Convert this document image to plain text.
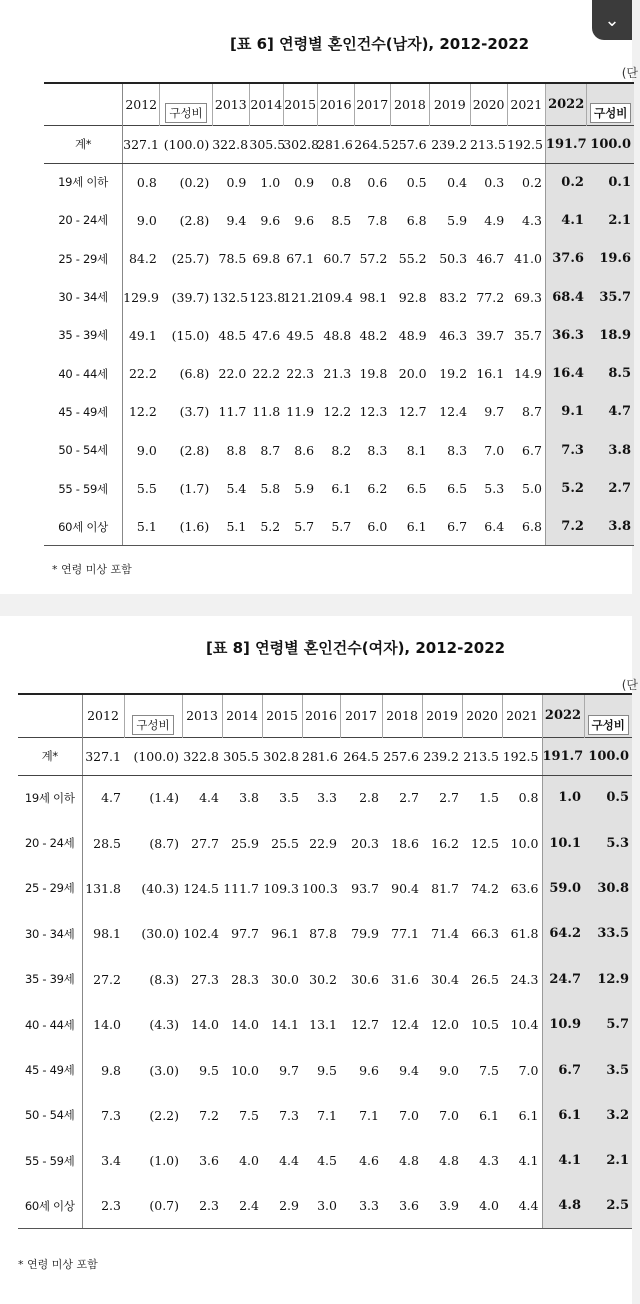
[표 6] 연령별 혼인건수(남자), 2012-2022
(단
⌄
	2012	구성비	2013	2014	2015	2016	2017	2018	2019	2020	2021	2022	구성비
계*	327.1	(100.0)	322.8	305.5	302.8	281.6	264.5	257.6	239.2	213.5	192.5	191.7	100.0
19세 이하	0.8	(0.2)	0.9	1.0	0.9	0.8	0.6	0.5	0.4	0.3	0.2	0.2	0.1
20 - 24세	9.0	(2.8)	9.4	9.6	9.6	8.5	7.8	6.8	5.9	4.9	4.3	4.1	2.1
25 - 29세	84.2	(25.7)	78.5	69.8	67.1	60.7	57.2	55.2	50.3	46.7	41.0	37.6	19.6
30 - 34세	129.9	(39.7)	132.5	123.8	121.2	109.4	98.1	92.8	83.2	77.2	69.3	68.4	35.7
35 - 39세	49.1	(15.0)	48.5	47.6	49.5	48.8	48.2	48.9	46.3	39.7	35.7	36.3	18.9
40 - 44세	22.2	(6.8)	22.0	22.2	22.3	21.3	19.8	20.0	19.2	16.1	14.9	16.4	8.5
45 - 49세	12.2	(3.7)	11.7	11.8	11.9	12.2	12.3	12.7	12.4	9.7	8.7	9.1	4.7
50 - 54세	9.0	(2.8)	8.8	8.7	8.6	8.2	8.3	8.1	8.3	7.0	6.7	7.3	3.8
55 - 59세	5.5	(1.7)	5.4	5.8	5.9	6.1	6.2	6.5	6.5	5.3	5.0	5.2	2.7
60세 이상	5.1	(1.6)	5.1	5.2	5.7	5.7	6.0	6.1	6.7	6.4	6.8	7.2	3.8
* 연령 미상 포함
[표 8] 연령별 혼인건수(여자), 2012-2022
(단
	2012	구성비	2013	2014	2015	2016	2017	2018	2019	2020	2021	2022	구성비
계*	327.1	(100.0)	322.8	305.5	302.8	281.6	264.5	257.6	239.2	213.5	192.5	191.7	100.0
19세 이하	4.7	(1.4)	4.4	3.8	3.5	3.3	2.8	2.7	2.7	1.5	0.8	1.0	0.5
20 - 24세	28.5	(8.7)	27.7	25.9	25.5	22.9	20.3	18.6	16.2	12.5	10.0	10.1	5.3
25 - 29세	131.8	(40.3)	124.5	111.7	109.3	100.3	93.7	90.4	81.7	74.2	63.6	59.0	30.8
30 - 34세	98.1	(30.0)	102.4	97.7	96.1	87.8	79.9	77.1	71.4	66.3	61.8	64.2	33.5
35 - 39세	27.2	(8.3)	27.3	28.3	30.0	30.2	30.6	31.6	30.4	26.5	24.3	24.7	12.9
40 - 44세	14.0	(4.3)	14.0	14.0	14.1	13.1	12.7	12.4	12.0	10.5	10.4	10.9	5.7
45 - 49세	9.8	(3.0)	9.5	10.0	9.7	9.5	9.6	9.4	9.0	7.5	7.0	6.7	3.5
50 - 54세	7.3	(2.2)	7.2	7.5	7.3	7.1	7.1	7.0	7.0	6.1	6.1	6.1	3.2
55 - 59세	3.4	(1.0)	3.6	4.0	4.4	4.5	4.6	4.8	4.8	4.3	4.1	4.1	2.1
60세 이상	2.3	(0.7)	2.3	2.4	2.9	3.0	3.3	3.6	3.9	4.0	4.4	4.8	2.5
* 연령 미상 포함
